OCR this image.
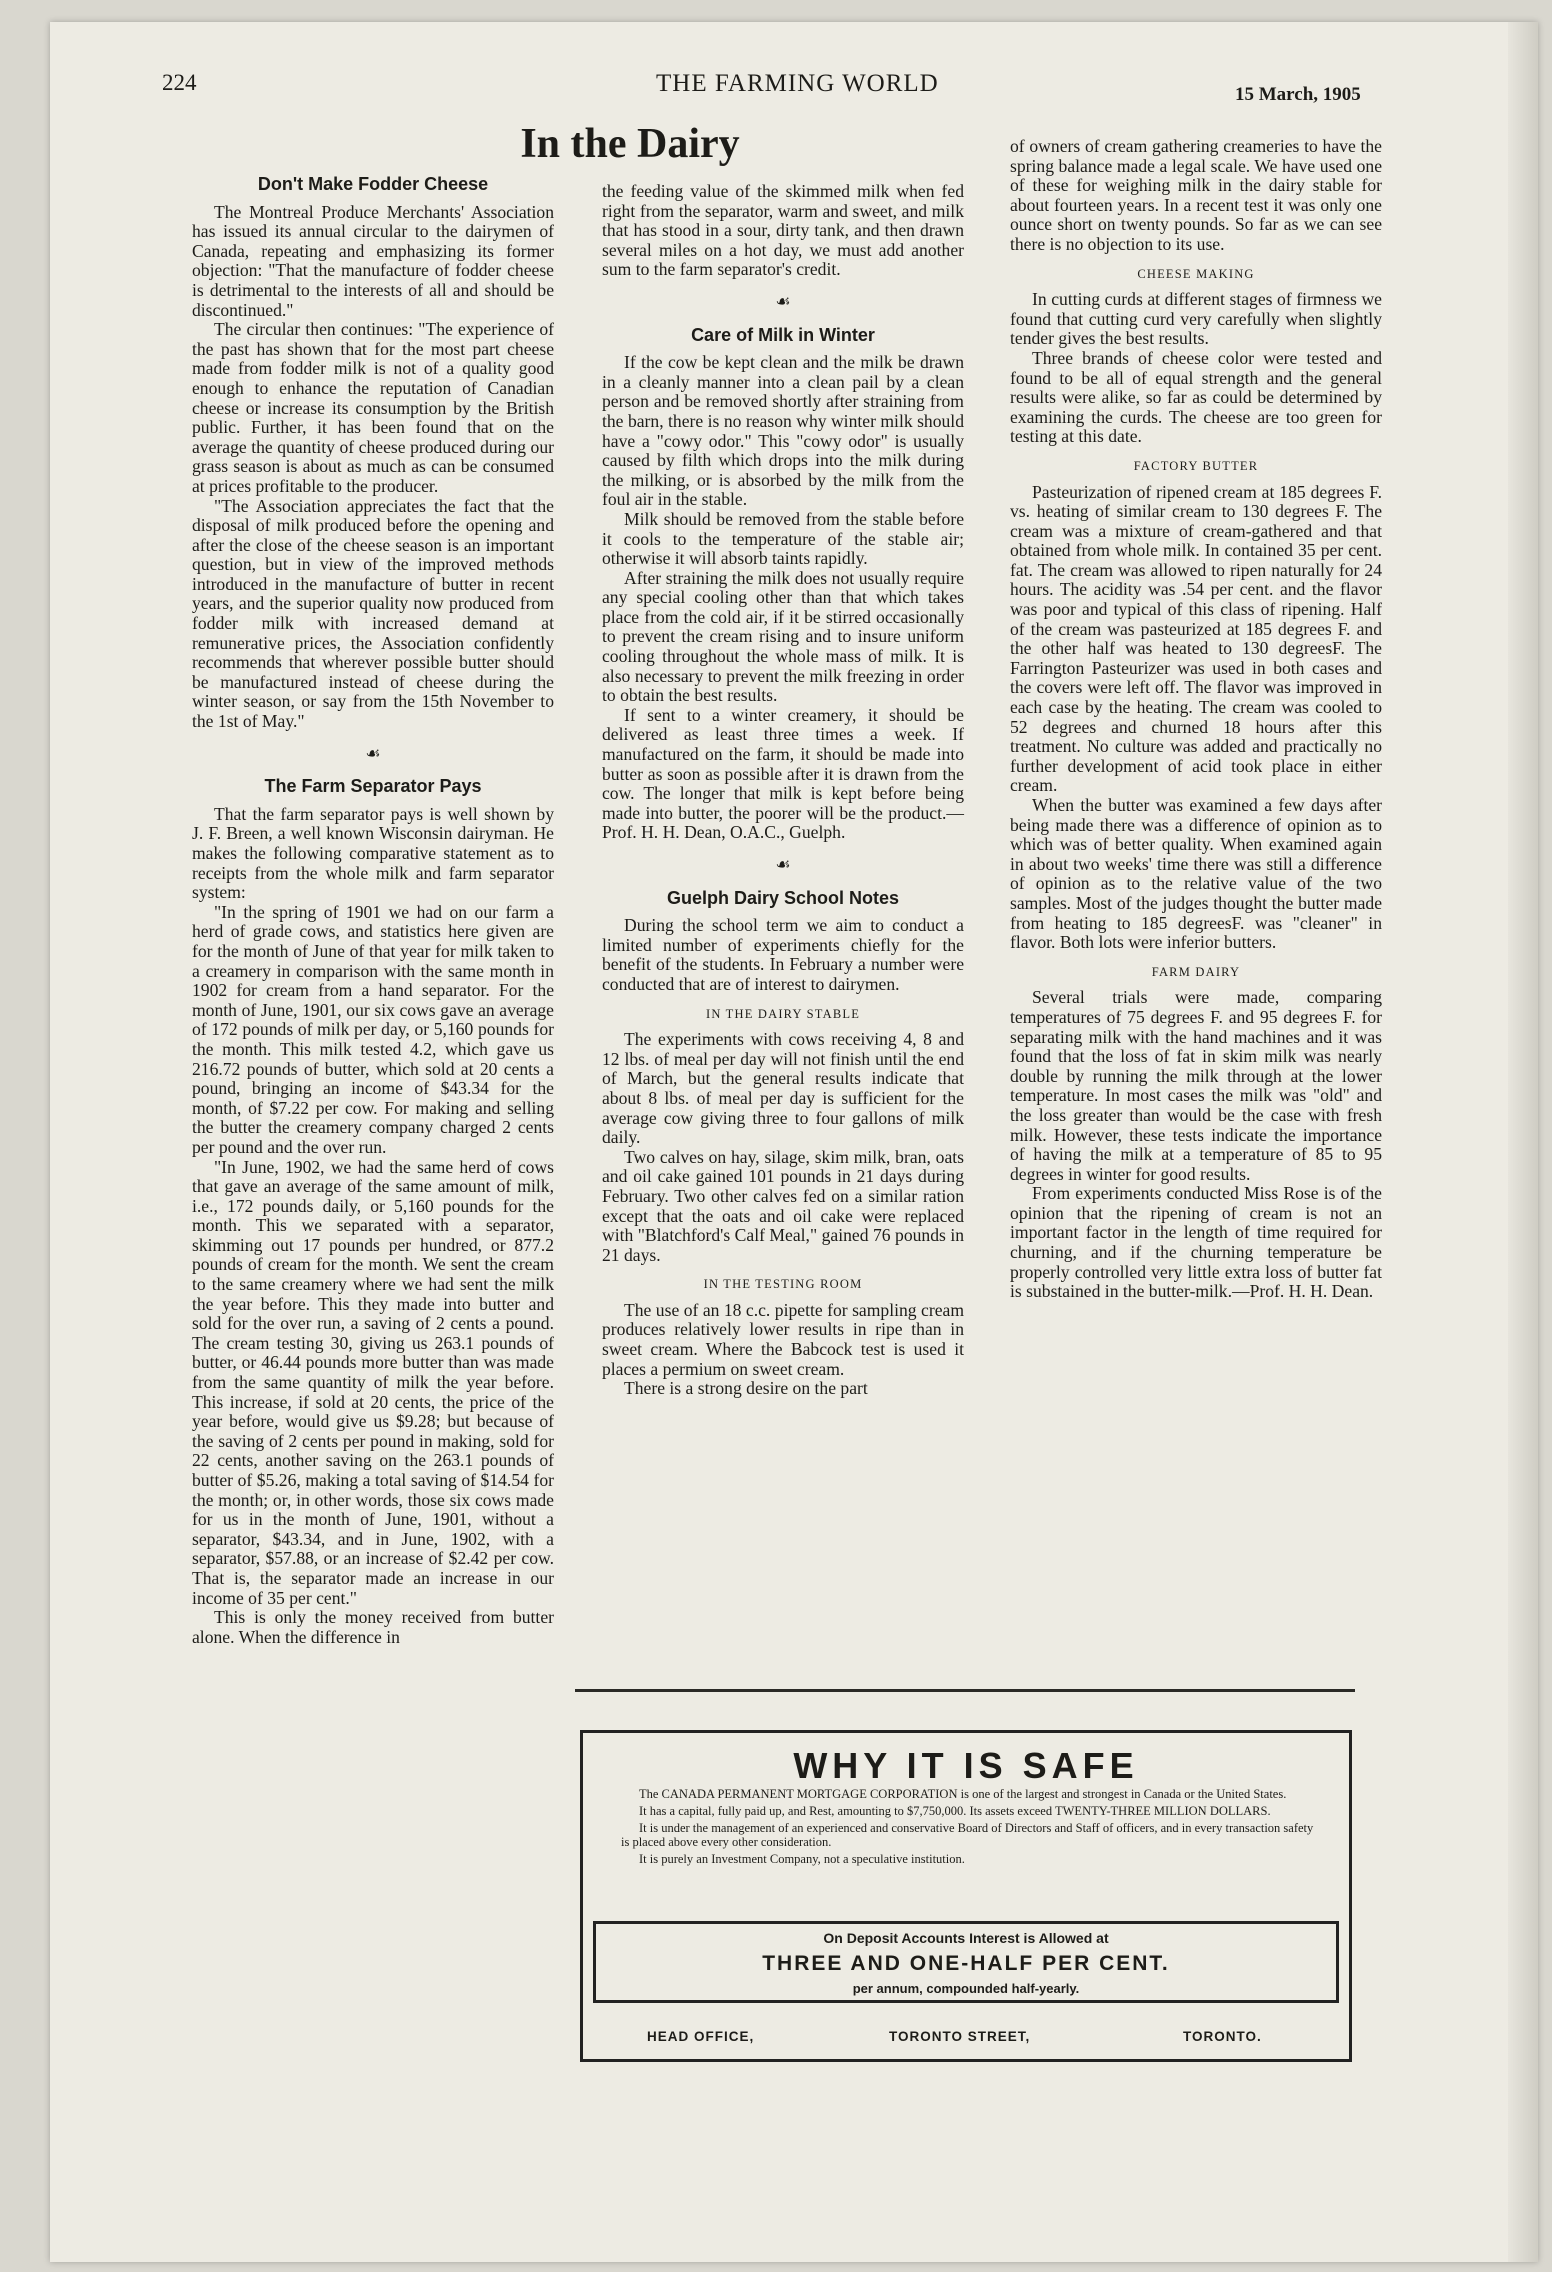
224	THE FARMING WORLD	15 March, 1905
In the Dairy
Don't Make Fodder Cheese

The Montreal Produce Merchants' Association has issued its annual circular to the dairymen of Canada, repeating and emphasizing its former objection: "That the manufacture of fodder cheese is detrimental to the interests of all and should be discontinued."

The circular then continues: "The experience of the past has shown that for the most part cheese made from fodder milk is not of a quality good enough to enhance the reputation of Canadian cheese or increase its consumption by the British public. Further, it has been found that on the average the quantity of cheese produced during our grass season is about as much as can be consumed at prices profitable to the producer.

"The Association appreciates the fact that the disposal of milk produced before the opening and after the close of the cheese season is an important question, but in view of the improved methods introduced in the manufacture of butter in recent years, and the superior quality now produced from fodder milk with increased demand at remunerative prices, the Association confidently recommends that wherever possible butter should be manufactured instead of cheese during the winter season, or say from the 15th November to the 1st of May."

☙
The Farm Separator Pays

That the farm separator pays is well shown by J. F. Breen, a well known Wisconsin dairyman. He makes the following comparative statement as to receipts from the whole milk and farm separator system:

"In the spring of 1901 we had on our farm a herd of grade cows, and statistics here given are for the month of June of that year for milk taken to a creamery in comparison with the same month in 1902 for cream from a hand separator. For the month of June, 1901, our six cows gave an average of 172 pounds of milk per day, or 5,160 pounds for the month. This milk tested 4.2, which gave us 216.72 pounds of butter, which sold at 20 cents a pound, bringing an income of $43.34 for the month, of $7.22 per cow. For making and selling the butter the creamery company charged 2 cents per pound and the over run.

"In June, 1902, we had the same herd of cows that gave an average of the same amount of milk, i.e., 172 pounds daily, or 5,160 pounds for the month. This we separated with a separator, skimming out 17 pounds per hundred, or 877.2 pounds of cream for the month. We sent the cream to the same creamery where we had sent the milk the year before. This they made into butter and sold for the over run, a saving of 2 cents a pound. The cream testing 30, giving us 263.1 pounds of butter, or 46.44 pounds more butter than was made from the same quantity of milk the year before. This increase, if sold at 20 cents, the price of the year before, would give us $9.28; but because of the saving of 2 cents per pound in making, sold for 22 cents, another saving on the 263.1 pounds of butter of $5.26, making a total saving of $14.54 for the month; or, in other words, those six cows made for us in the month of June, 1901, without a separator, $43.34, and in June, 1902, with a separator, $57.88, or an increase of $2.42 per cow. That is, the separator made an increase in our income of 35 per cent."

This is only the money received from butter alone. When the difference in

the feeding value of the skimmed milk when fed right from the separator, warm and sweet, and milk that has stood in a sour, dirty tank, and then drawn several miles on a hot day, we must add another sum to the farm separator's credit.

☙
Care of Milk in Winter

If the cow be kept clean and the milk be drawn in a cleanly manner into a clean pail by a clean person and be removed shortly after straining from the barn, there is no reason why winter milk should have a "cowy odor." This "cowy odor" is usually caused by filth which drops into the milk during the milking, or is absorbed by the milk from the foul air in the stable.

Milk should be removed from the stable before it cools to the temperature of the stable air; otherwise it will absorb taints rapidly.

After straining the milk does not usually require any special cooling other than that which takes place from the cold air, if it be stirred occasionally to prevent the cream rising and to insure uniform cooling throughout the whole mass of milk. It is also necessary to prevent the milk freezing in order to obtain the best results.

If sent to a winter creamery, it should be delivered as least three times a week. If manufactured on the farm, it should be made into butter as soon as possible after it is drawn from the cow. The longer that milk is kept before being made into butter, the poorer will be the product.—Prof. H. H. Dean, O.A.C., Guelph.

☙
Guelph Dairy School Notes

During the school term we aim to conduct a limited number of experiments chiefly for the benefit of the students. In February a number were conducted that are of interest to dairymen.

IN THE DAIRY STABLE

The experiments with cows receiving 4, 8 and 12 lbs. of meal per day will not finish until the end of March, but the general results indicate that about 8 lbs. of meal per day is sufficient for the average cow giving three to four gallons of milk daily.

Two calves on hay, silage, skim milk, bran, oats and oil cake gained 101 pounds in 21 days during February. Two other calves fed on a similar ration except that the oats and oil cake were replaced with "Blatchford's Calf Meal," gained 76 pounds in 21 days.

IN THE TESTING ROOM

The use of an 18 c.c. pipette for sampling cream produces relatively lower results in ripe than in sweet cream. Where the Babcock test is used it places a permium on sweet cream.

There is a strong desire on the part

of owners of cream gathering creameries to have the spring balance made a legal scale. We have used one of these for weighing milk in the dairy stable for about fourteen years. In a recent test it was only one ounce short on twenty pounds. So far as we can see there is no objection to its use.

CHEESE MAKING

In cutting curds at different stages of firmness we found that cutting curd very carefully when slightly tender gives the best results.

Three brands of cheese color were tested and found to be all of equal strength and the general results were alike, so far as could be determined by examining the curds. The cheese are too green for testing at this date.

FACTORY BUTTER

Pasteurization of ripened cream at 185 degrees F. vs. heating of similar cream to 130 degrees F. The cream was a mixture of cream-gathered and that obtained from whole milk. In contained 35 per cent. fat. The cream was allowed to ripen naturally for 24 hours. The acidity was .54 per cent. and the flavor was poor and typical of this class of ripening. Half of the cream was pasteurized at 185 degrees F. and the other half was heated to 130 degreesF. The Farrington Pasteurizer was used in both cases and the covers were left off. The flavor was improved in each case by the heating. The cream was cooled to 52 degrees and churned 18 hours after this treatment. No culture was added and practically no further development of acid took place in either cream.

When the butter was examined a few days after being made there was a difference of opinion as to which was of better quality. When examined again in about two weeks' time there was still a difference of opinion as to the relative value of the two samples. Most of the judges thought the butter made from heating to 185 degreesF. was "cleaner" in flavor. Both lots were inferior butters.

FARM DAIRY

Several trials were made, comparing temperatures of 75 degrees F. and 95 degrees F. for separating milk with the hand machines and it was found that the loss of fat in skim milk was nearly double by running the milk through at the lower temperature. In most cases the milk was "old" and the loss greater than would be the case with fresh milk. However, these tests indicate the importance of having the milk at a temperature of 85 to 95 degrees in winter for good results.

From experiments conducted Miss Rose is of the opinion that the ripening of cream is not an important factor in the length of time required for churning, and if the churning temperature be properly controlled very little extra loss of butter fat is substained in the butter-milk.—Prof. H. H. Dean.

WHY IT IS SAFE

The CANADA PERMANENT MORTGAGE CORPORATION is one of the largest and strongest in Canada or the United States.

It has a capital, fully paid up, and Rest, amounting to $7,750,000. Its assets exceed TWENTY-THREE MILLION DOLLARS.

It is under the management of an experienced and conservative Board of Directors and Staff of officers, and in every transaction safety is placed above every other consideration.

It is purely an Investment Company, not a speculative institution.

On Deposit Accounts Interest is Allowed at
THREE AND ONE-HALF PER CENT.
per annum, compounded half-yearly.
HEAD OFFICE,	TORONTO STREET,	TORONTO.
